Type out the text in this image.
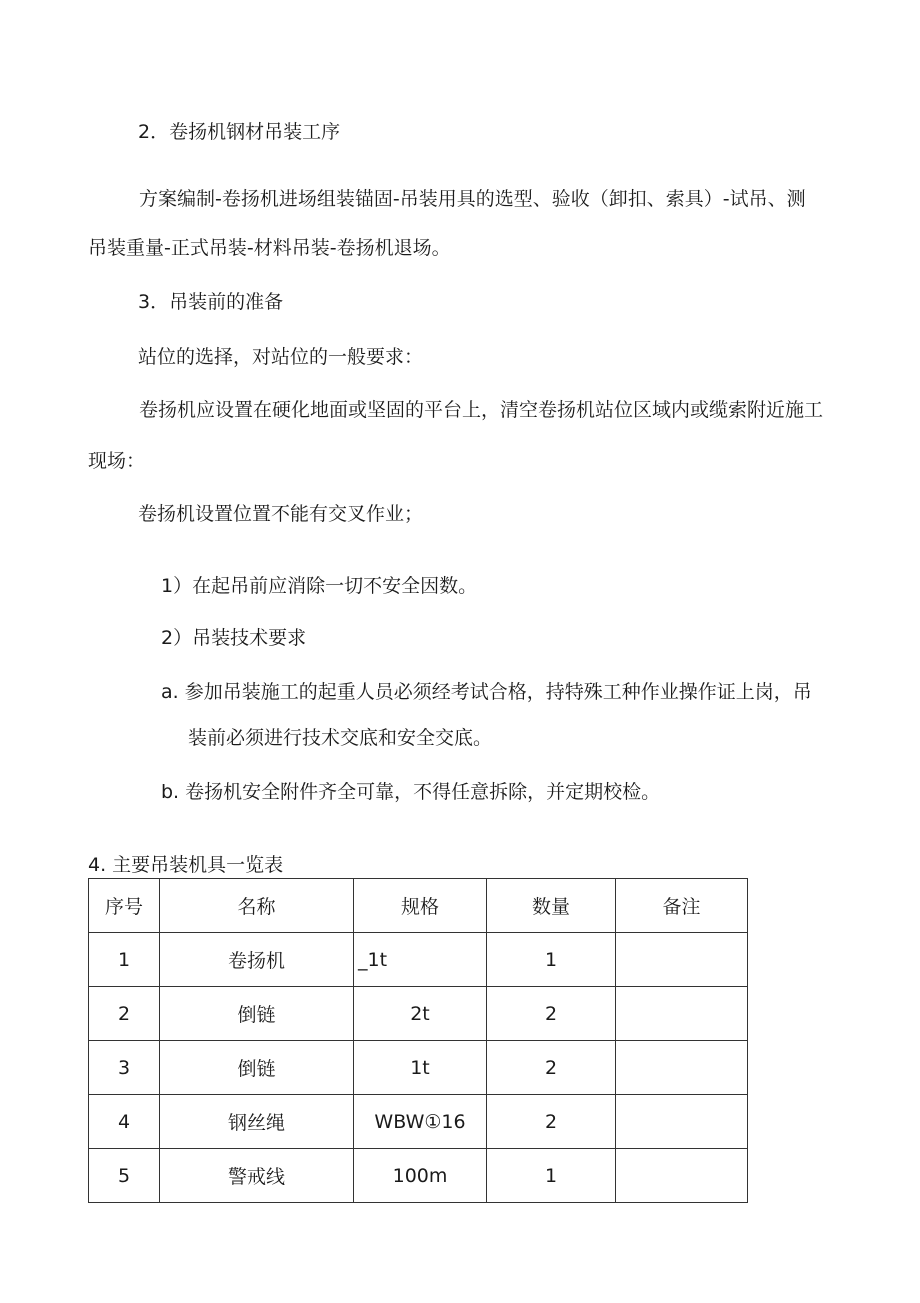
2．卷扬机钢材吊装工序
方案编制-卷扬机进场组装锚固-吊装用具的选型、验收（卸扣、索具）-试吊、测
吊装重量-正式吊装-材料吊装-卷扬机退场。
3．吊装前的准备
站位的选择，对站位的一般要求：
卷扬机应设置在硬化地面或坚固的平台上，清空卷扬机站位区域内或缆索附近施工
现场：
卷扬机设置位置不能有交叉作业；
1）在起吊前应消除一切不安全因数。
2）吊装技术要求
a. 参加吊装施工的起重人员必须经考试合格，持特殊工种作业操作证上岗，吊
装前必须进行技术交底和安全交底。
b. 卷扬机安全附件齐全可靠，不得任意拆除，并定期校检。
4. 主要吊装机具一览表
序号	名称	规格	数量	备注
1	卷扬机	_1t	1	
2	倒链	2t	2	
3	倒链	1t	2	
4	钢丝绳	WBW①16	2	
5	警戒线	100m	1	
